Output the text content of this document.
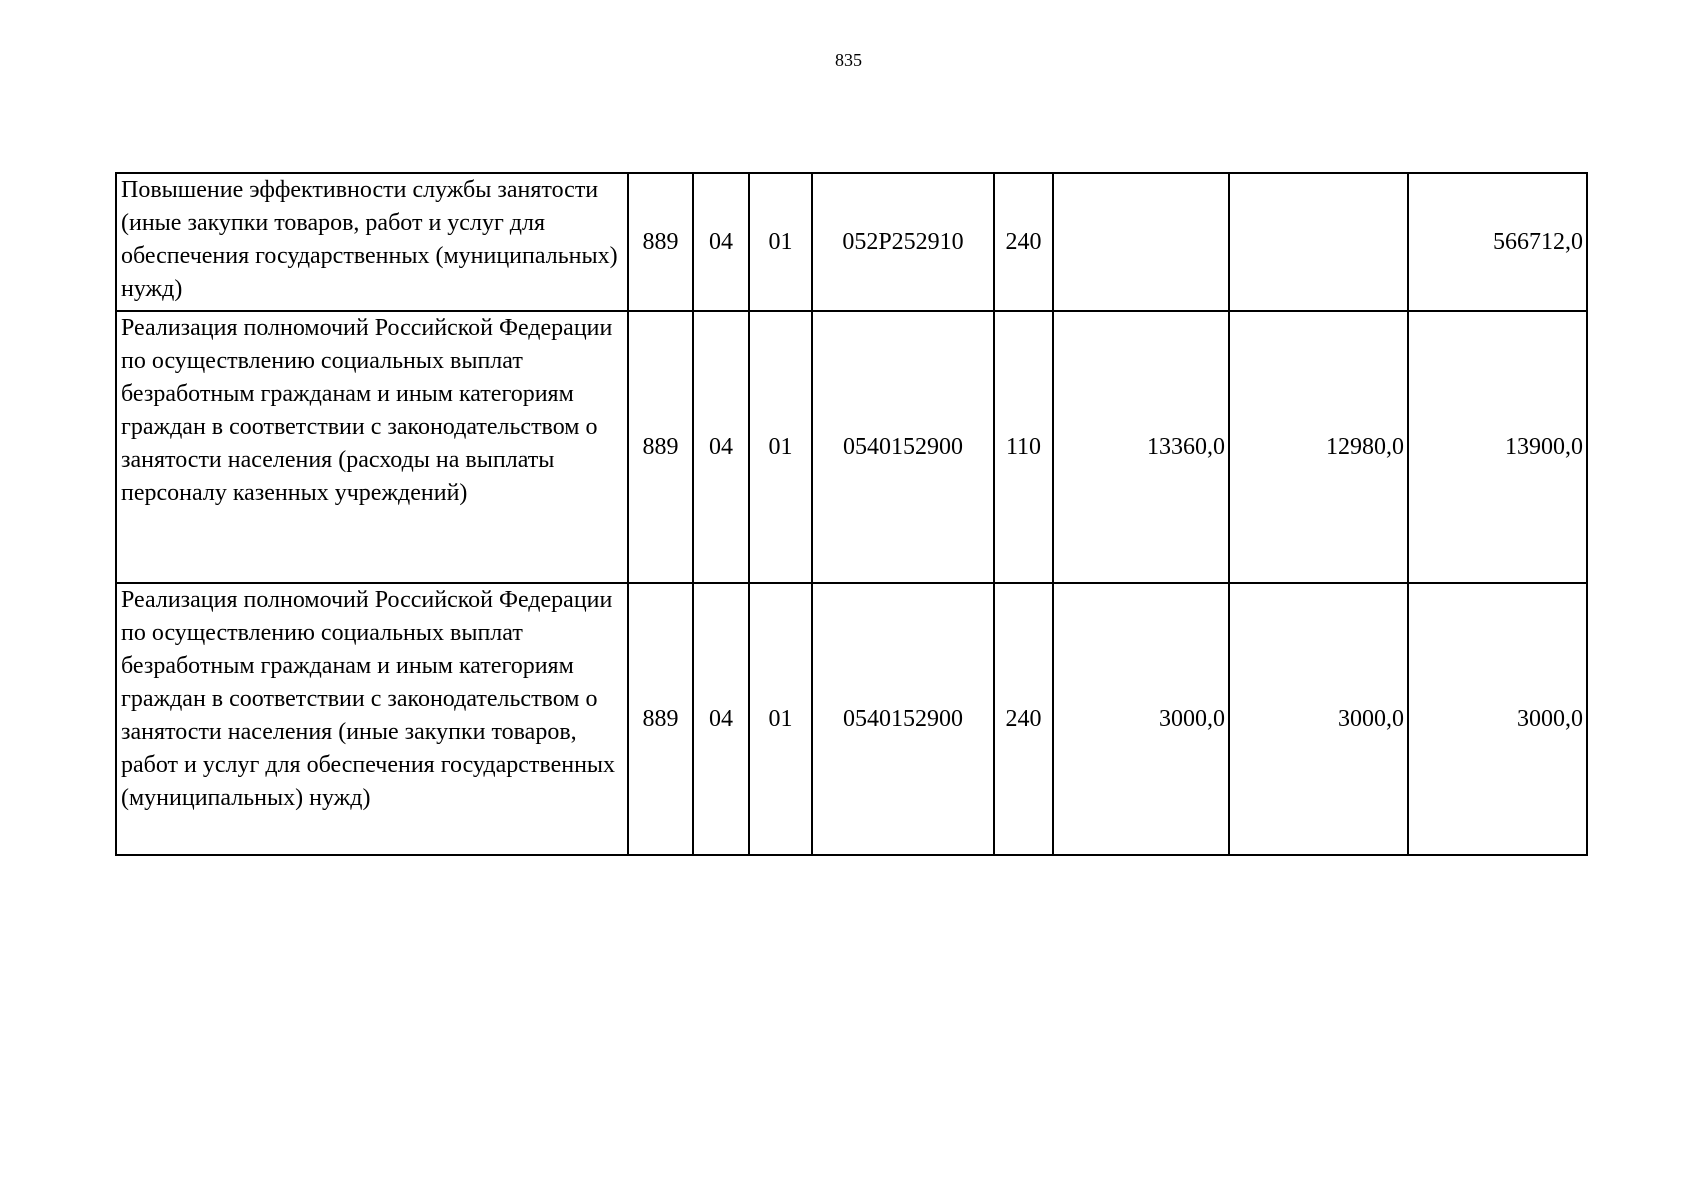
835
Повышение эффективности службы занятости (иные закупки товаров, работ и услуг для обеспечения государственных (муниципальных) нужд)	889	04	01	052P252910	240			566712,0
Реализация полномочий Российской Федерации по осуществлению социальных выплат безработным гражданам и иным категориям граждан в соответствии с законодательством о занятости населения (расходы на выплаты персоналу казенных учреждений)	889	04	01	0540152900	110	13360,0	12980,0	13900,0
Реализация полномочий Российской Федерации по осуществлению социальных выплат безработным гражданам и иным категориям граждан в соответствии с законодательством о занятости населения (иные закупки товаров, работ и услуг для обеспечения государственных (муниципальных) нужд)	889	04	01	0540152900	240	3000,0	3000,0	3000,0
